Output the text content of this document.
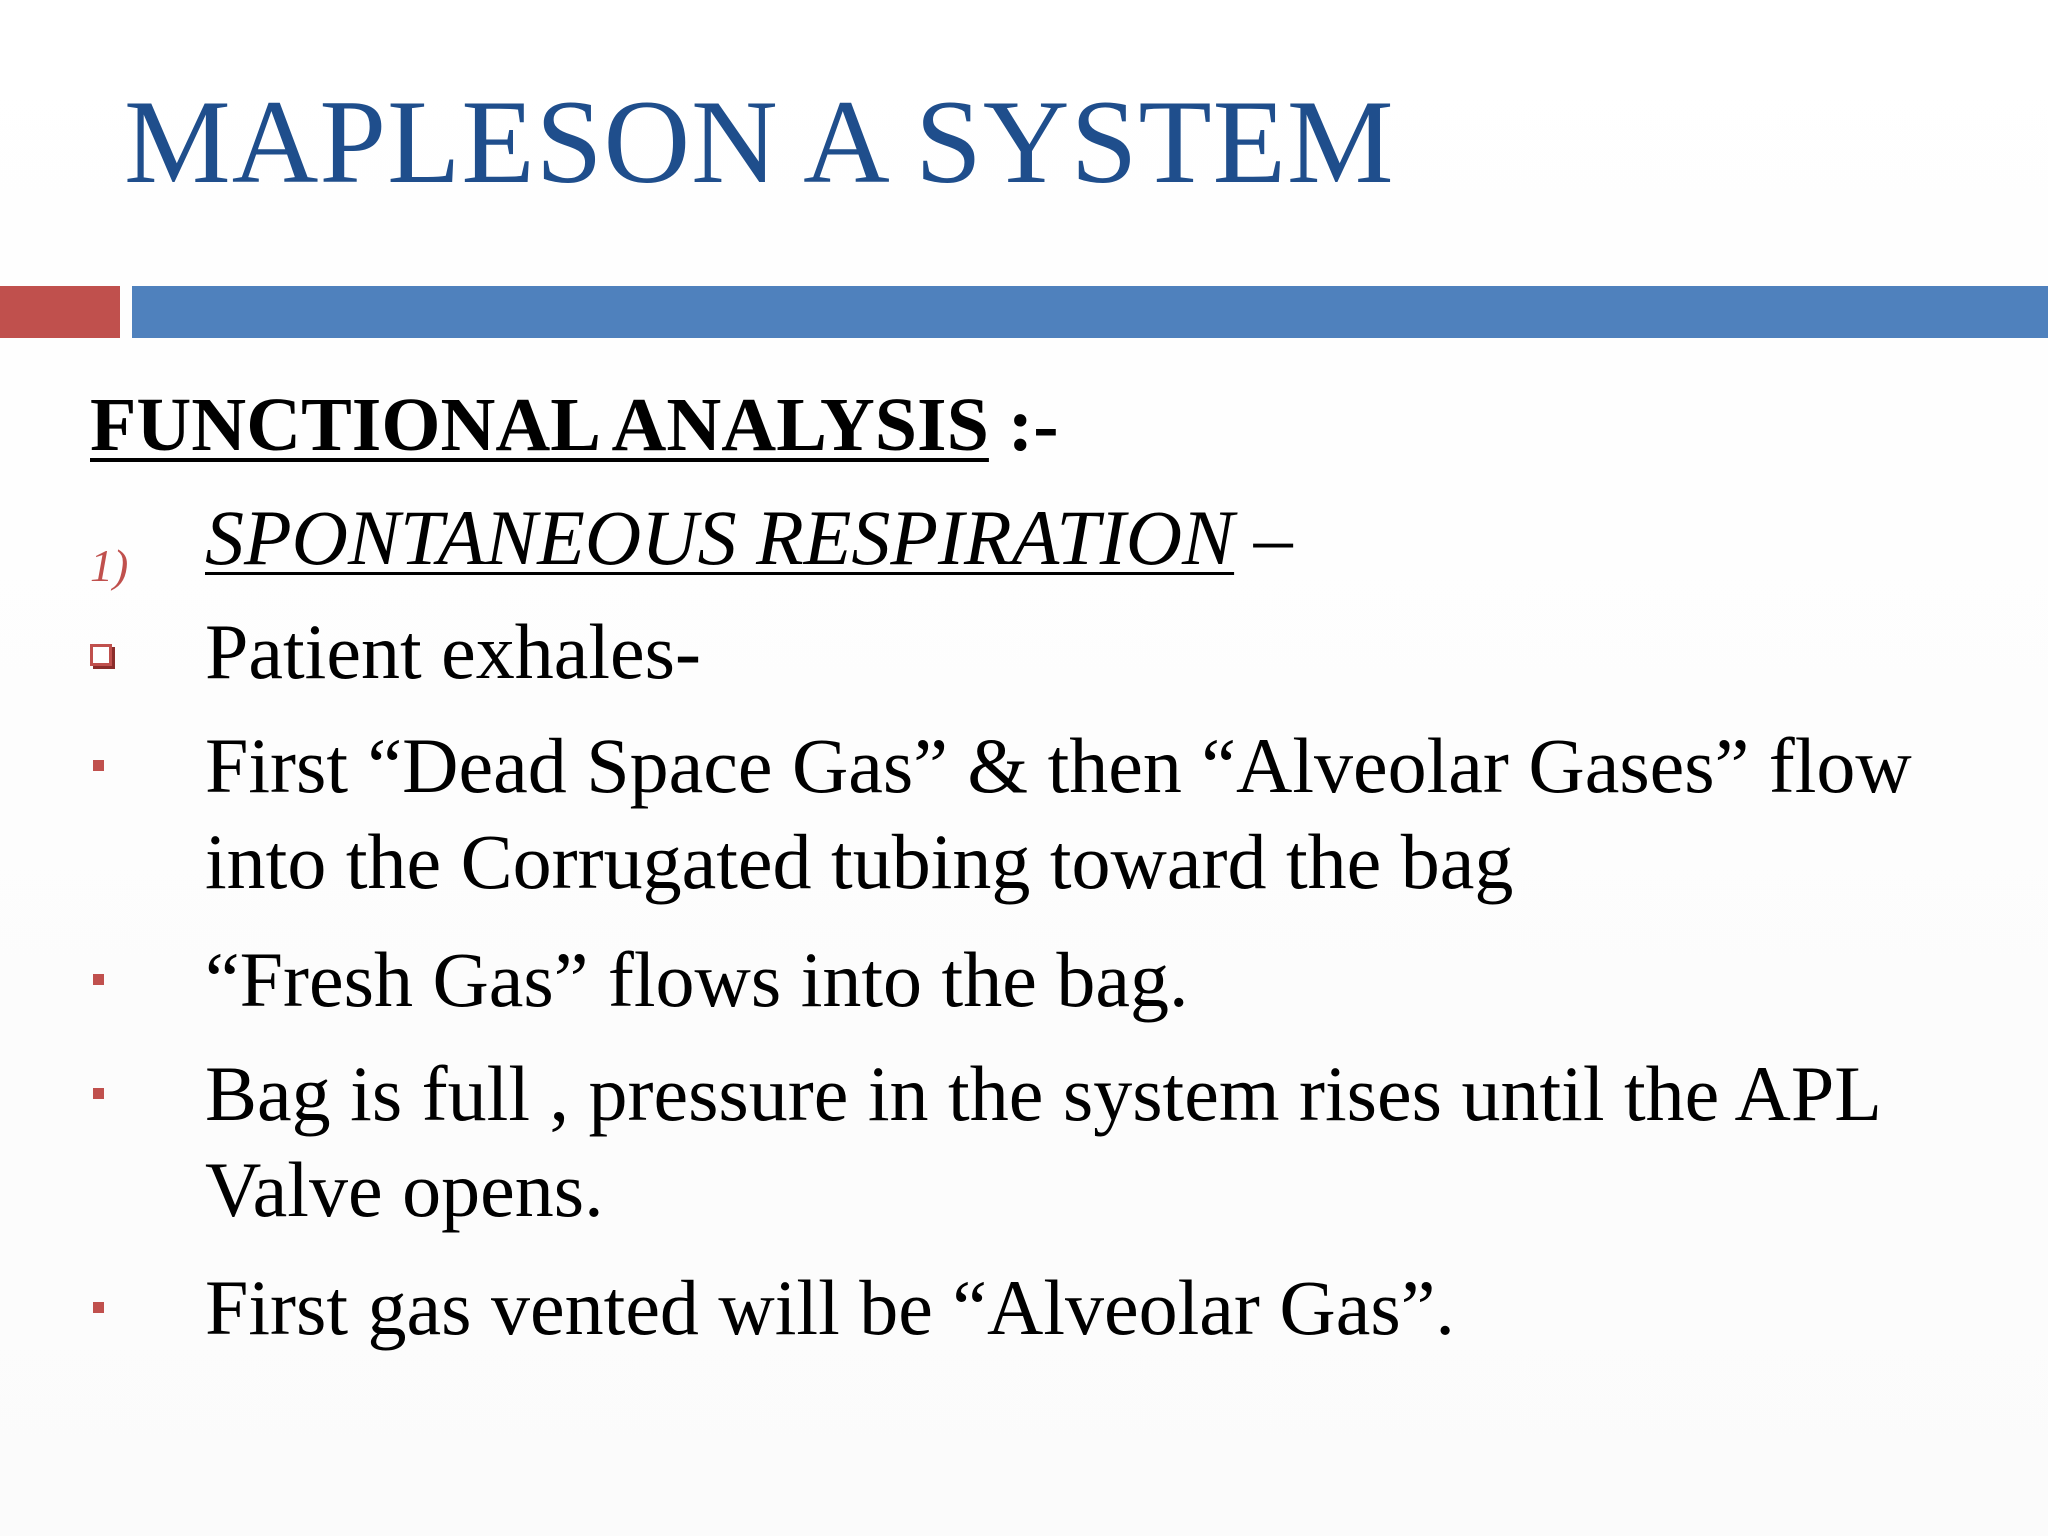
MAPLESON A SYSTEM
FUNCTIONAL ANALYSIS :-
1) SPONTANEOUS RESPIRATION –
Patient exhales-
First “Dead Space Gas” & then “Alveolar Gases” flow into the Corrugated tubing toward the bag
“Fresh Gas” flows into the bag.
Bag is full , pressure in the system rises until the APL Valve opens.
First gas vented will be “Alveolar Gas”.
